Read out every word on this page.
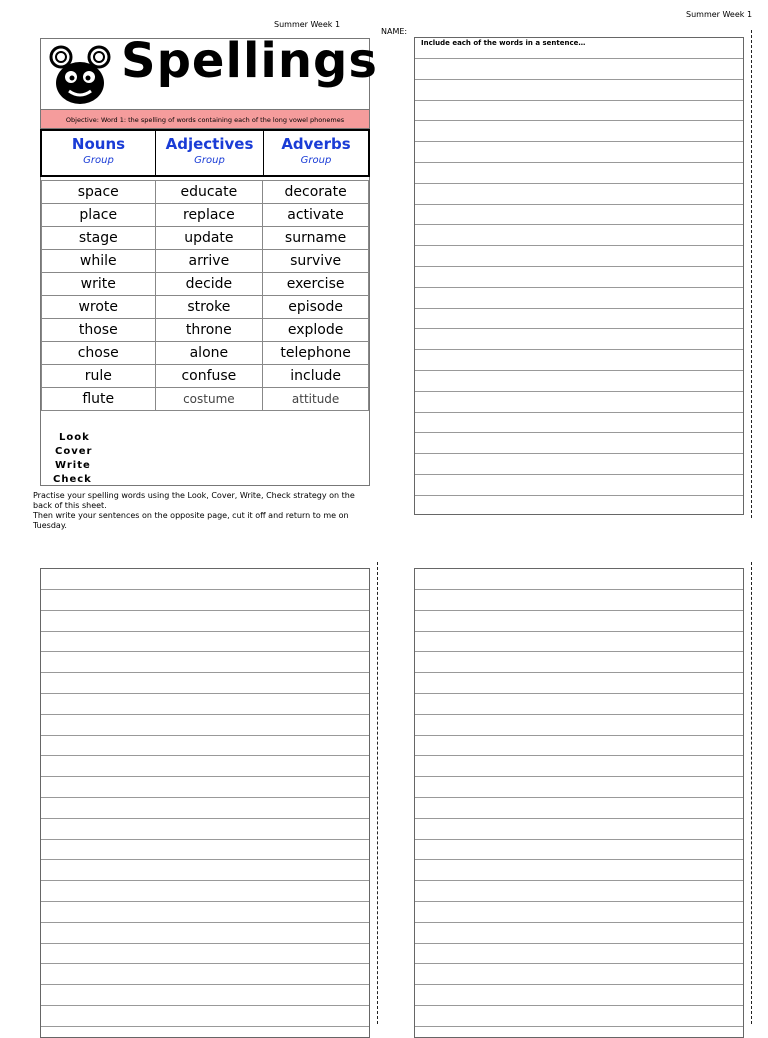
Summer Week 1
Summer Week 1
NAME:
Spellings
Objective: Word 1: the spelling of words containing each of the long vowel phonemes
Nouns
Group
Adjectives
Group
Adverbs
Group
space	educate	decorate
place	replace	activate
stage	update	surname
while	arrive	survive
write	decide	exercise
wrote	stroke	episode
those	throne	explode
chose	alone	telephone
rule	confuse	include
flute	costume	attitude
Look
Cover
Write
Check
Practise your spelling words using the Look, Cover, Write, Check strategy on the back of this sheet.
Then write your sentences on the opposite page, cut it off and return to me on Tuesday.
Include each of the words in a sentence…
